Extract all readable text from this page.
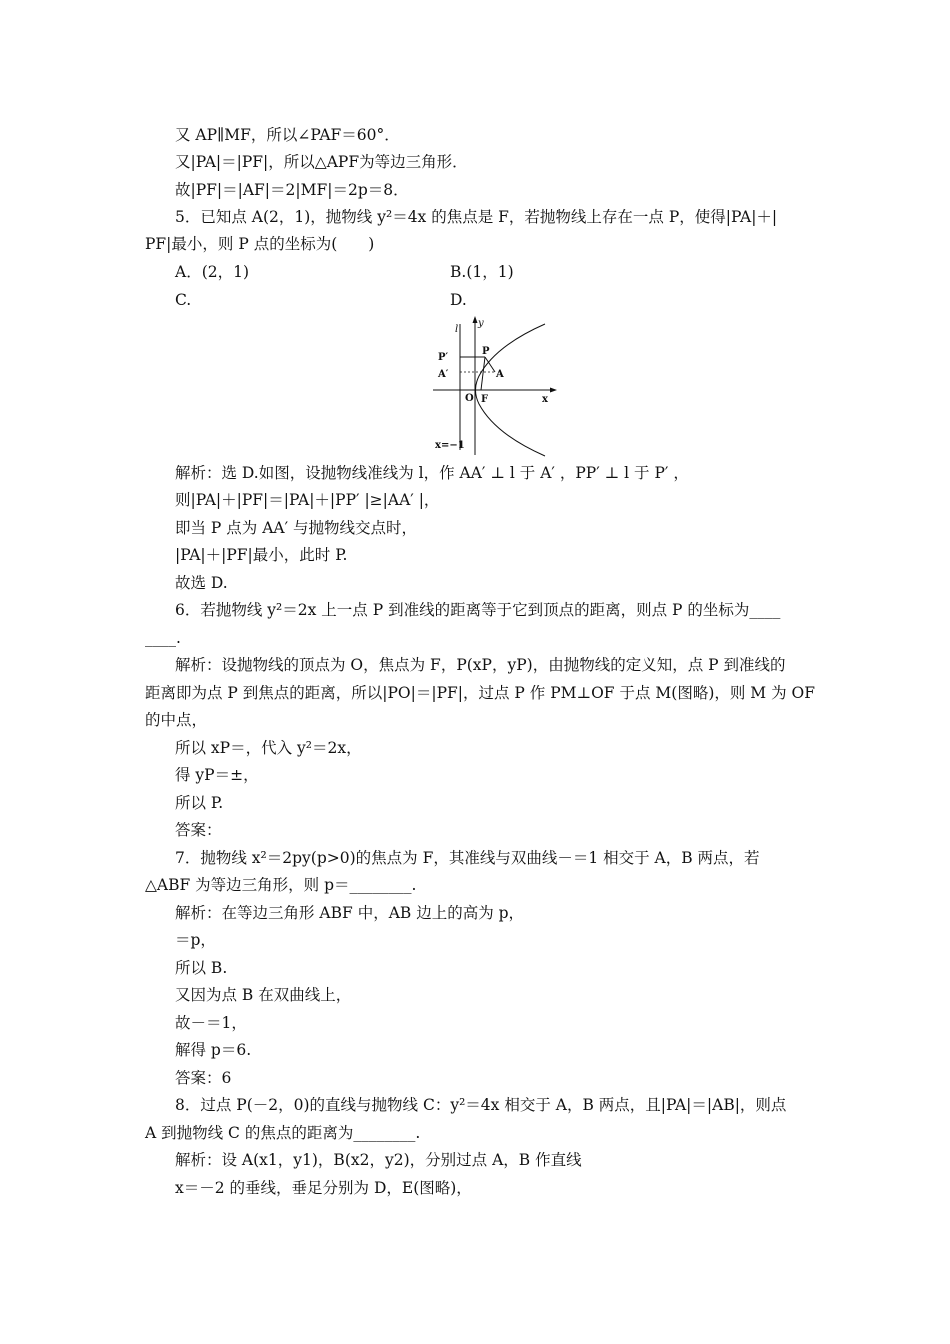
又 AP∥MF，所以∠PAF＝60°．
又|PA|＝|PF|，所以△APF为等边三角形．
故|PF|＝|AF|＝2|MF|＝2p＝8．
5．已知点 A(2，1)，抛物线 y²＝4x 的焦点是 F，若抛物线上存在一点 P，使得|PA|＋|
PF|最小，则 P 点的坐标为(　　)
A．(2，1)	B.(1，1)
C.	D.
l
y
P′
P
A′	A
O F	x
x=−1
解析：选 D.如图，设抛物线准线为 l，作 AA′ ⊥ l 于 A′ ，PP′ ⊥ l 于 P′ ，
则|PA|＋|PF|＝|PA|＋|PP′ |≥|AA′ |，
即当 P 点为 AA′ 与抛物线交点时，
|PA|＋|PF|最小，此时 P.
故选 D.
6．若抛物线 y²＝2x 上一点 P 到准线的距离等于它到顶点的距离，则点 P 的坐标为____
____.
解析：设抛物线的顶点为 O，焦点为 F，P(xP，yP)，由抛物线的定义知，点 P 到准线的
距离即为点 P 到焦点的距离，所以|PO|＝|PF|，过点 P 作 PM⊥OF 于点 M(图略)，则 M 为 OF
的中点，
所以 xP＝，代入 y²＝2x，
得 yP＝±，
所以 P.
答案：
7．抛物线 x²＝2py(p>0)的焦点为 F，其准线与双曲线－＝1 相交于 A，B 两点，若
△ABF 为等边三角形，则 p＝________.
解析：在等边三角形 ABF 中，AB 边上的高为 p，
＝p，
所以 B.
又因为点 B 在双曲线上，
故－＝1，
解得 p＝6.
答案：6
8．过点 P(－2，0)的直线与抛物线 C：y²＝4x 相交于 A，B 两点，且|PA|＝|AB|，则点
A 到抛物线 C 的焦点的距离为________.
解析：设 A(x1，y1)，B(x2，y2)，分别过点 A，B 作直线
x＝－2 的垂线，垂足分别为 D，E(图略)，
